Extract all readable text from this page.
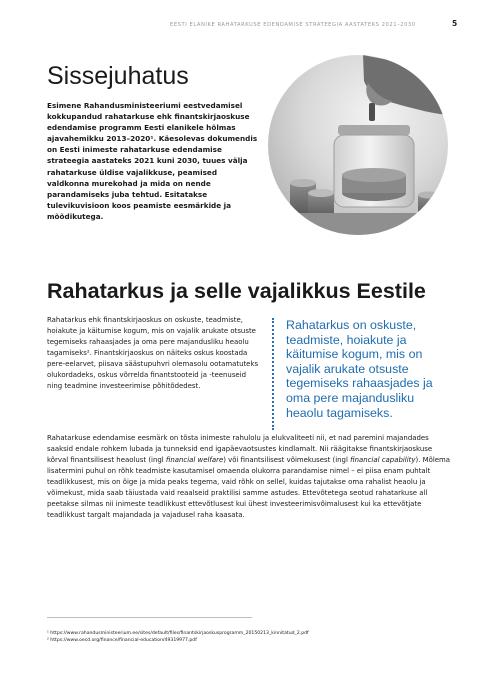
EESTI ELANIKE RAHATARKUSE EDENDAMISE STRATEEGIA AASTATEKS 2021–2030	5
Sissejuhatus

Esimene Rahandusministeeriumi eestvedamisel kokkupandud rahatarkuse ehk finantskirjaoskuse edendamise programm Eesti elanikele hõlmas ajavahemikku 2013–2020¹. Käesolevas dokumendis on Eesti inimeste rahatarkuse edendamise strateegia aastateks 2021 kuni 2030, tuues välja rahatarkuse üldise vajalikkuse, peamised valdkonna murekohad ja mida on nende parandamiseks juba tehtud. Esitatakse tulevikuvisioon koos peamiste eesmärkide ja mõõdikutega.

Rahatarkus ja selle vajalikkus Eestile

Rahatarkus ehk finantskirjaoskus on oskuste, teadmiste, hoiakute ja käitumise kogum, mis on vajalik arukate otsuste tegemiseks rahaasjades ja oma pere majandusliku heaolu tagamiseks². Finantskirjaoskus on näiteks oskus koostada pere-eelarvet, piisava säästupuhvri olemasolu ootamatuteks olukordadeks, oskus võrrelda finantstooteid ja -teenuseid ning teadmine investeerimise põhitõdedest.

Rahatarkus on oskuste, teadmiste, hoiakute ja käitumise kogum, mis on vajalik arukate otsuste tegemiseks rahaasjades ja oma pere majandusliku heaolu tagamiseks.

Rahatarkuse edendamise eesmärk on tõsta inimeste rahulolu ja elukvaliteeti nii, et nad paremini majandades saaksid endale rohkem lubada ja tunneksid end igapäevaotsustes kindlamalt. Nii räägitakse finantskirjaoskuse kõrval finantsilisest heaolust (ingl financial welfare) või finantsilisest võimekusest (ingl financial capability). Mõlema lisatermini puhul on rõhk teadmiste kasutamisel omaenda olukorra parandamise nimel – ei piisa enam puhtalt teadlikkusest, mis on õige ja mida peaks tegema, vaid rõhk on sellel, kuidas tajutakse oma rahalist heaolu ja võimekust, mida saab täiustada vaid reaalseid praktilisi samme astudes. Ettevõtetega seotud rahatarkuse all peetakse silmas nii inimeste teadlikkust ettevõtlusest kui ühest investeerimisvõimalusest kui ka ettevõtjate teadlikkust targalt majandada ja vajadusel raha kaasata.

¹ https://www.rahandusministeerium.ee/sites/default/files/finantskirjaoskusprogramm_20150213_kinnitatud_2.pdf
² https://www.oecd.org/finance/financial-education/49319977.pdf
